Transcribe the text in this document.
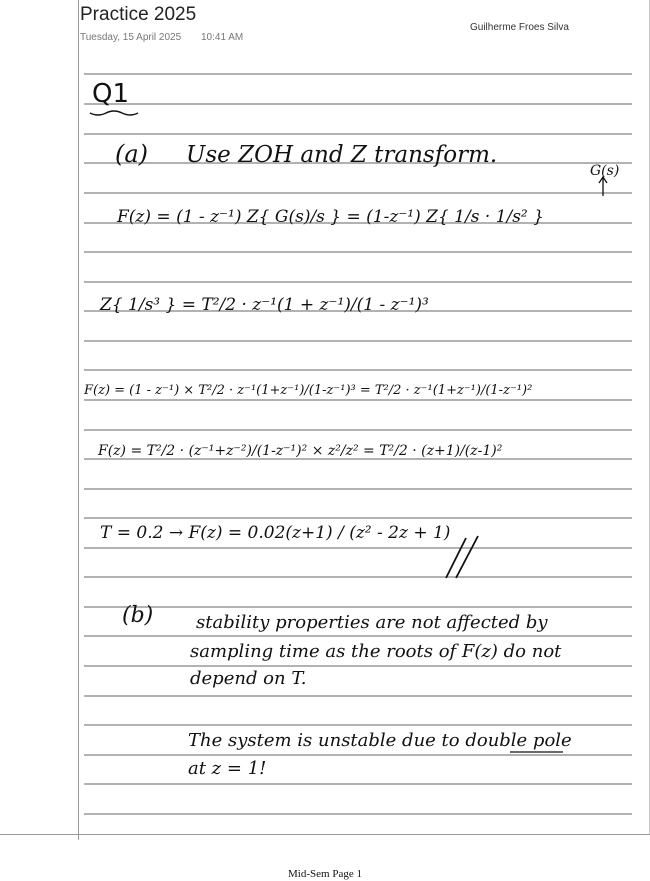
Practice 2025
Tuesday, 15 April 2025 10:41 AM
Guilherme Froes Silva
Q1
(a) Use ZOH and Z transform.
G(s)
F(z) = (1 - z⁻¹) Z{ G(s)/s } = (1-z⁻¹) Z{ 1/s · 1/s² }
Z{ 1/s³ } = T²/2 · z⁻¹(1 + z⁻¹)/(1 - z⁻¹)³
F(z) = (1 - z⁻¹) × T²/2 · z⁻¹(1+z⁻¹)/(1-z⁻¹)³ = T²/2 · z⁻¹(1+z⁻¹)/(1-z⁻¹)²
F(z) = T²/2 · (z⁻¹+z⁻²)/(1-z⁻¹)² × z²/z² = T²/2 · (z+1)/(z-1)²
T = 0.2 → F(z) = 0.02(z+1) / (z² - 2z + 1)
(b) stability properties are not affected by
sampling time as the roots of F(z) do not
depend on T.
The system is unstable due to double pole
at z = 1!
Mid-Sem Page 1
